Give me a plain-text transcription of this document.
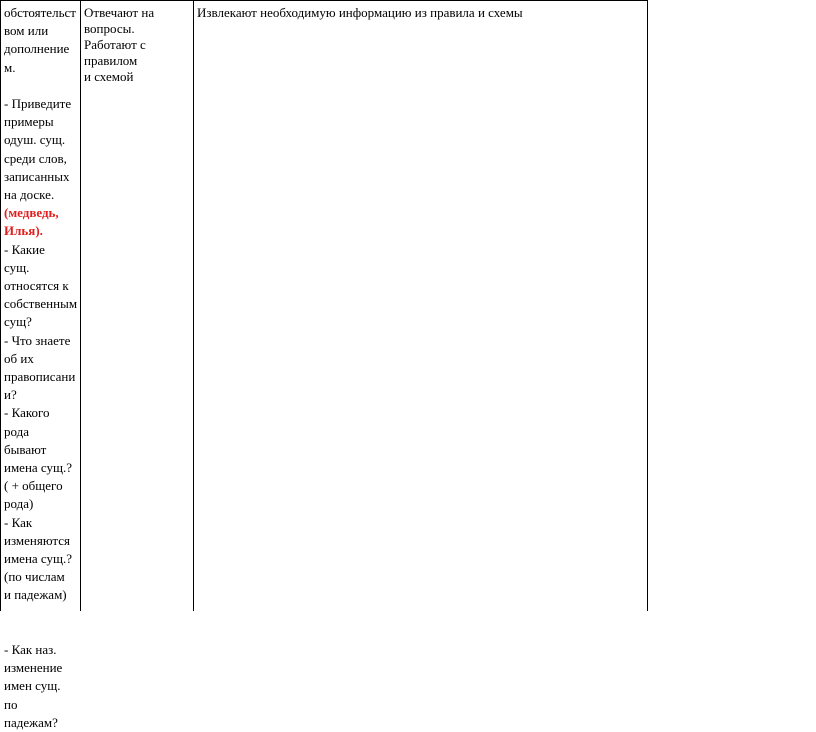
обстоятельст
вом или
дополнение
м.
- Приведите
примеры
одуш. сущ.
среди слов,
записанных
на доске.
(медведь,
Илья).
- Какие
сущ.
относятся к
собственным
сущ?
- Что знаете
об их
правописани
и?
- Какого
рода
бывают
имена сущ.?
( + общего
рода)
- Как
изменяются
имена сущ.?
(по числам
и падежам)
- Как наз.
изменение
имен сущ.
по
падежам?
Отвечают на
вопросы.
Работают с
правилом
и схемой
Извлекают необходимую информацию из правила и схемы
